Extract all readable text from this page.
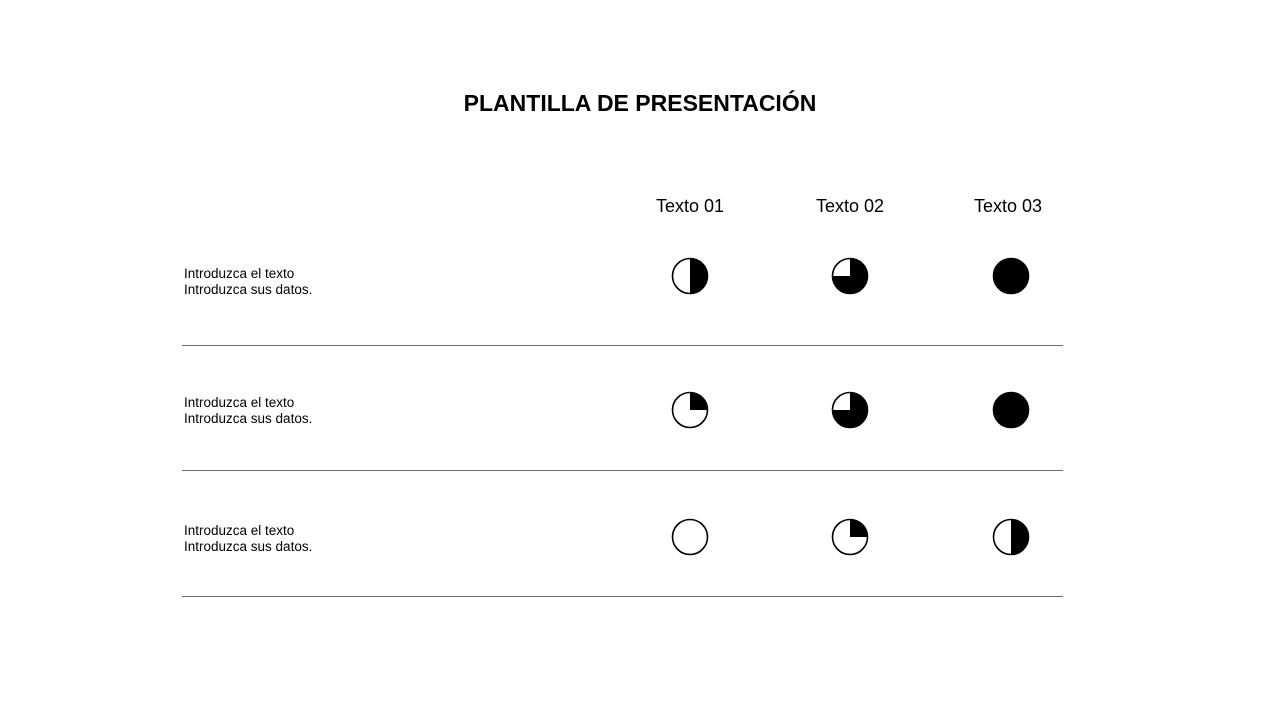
PLANTILLA DE PRESENTACIÓN
Texto 01	Texto 02	Texto 03
Introduzca el texto
Introduzca sus datos.
Introduzca el texto
Introduzca sus datos.
Introduzca el texto
Introduzca sus datos.
